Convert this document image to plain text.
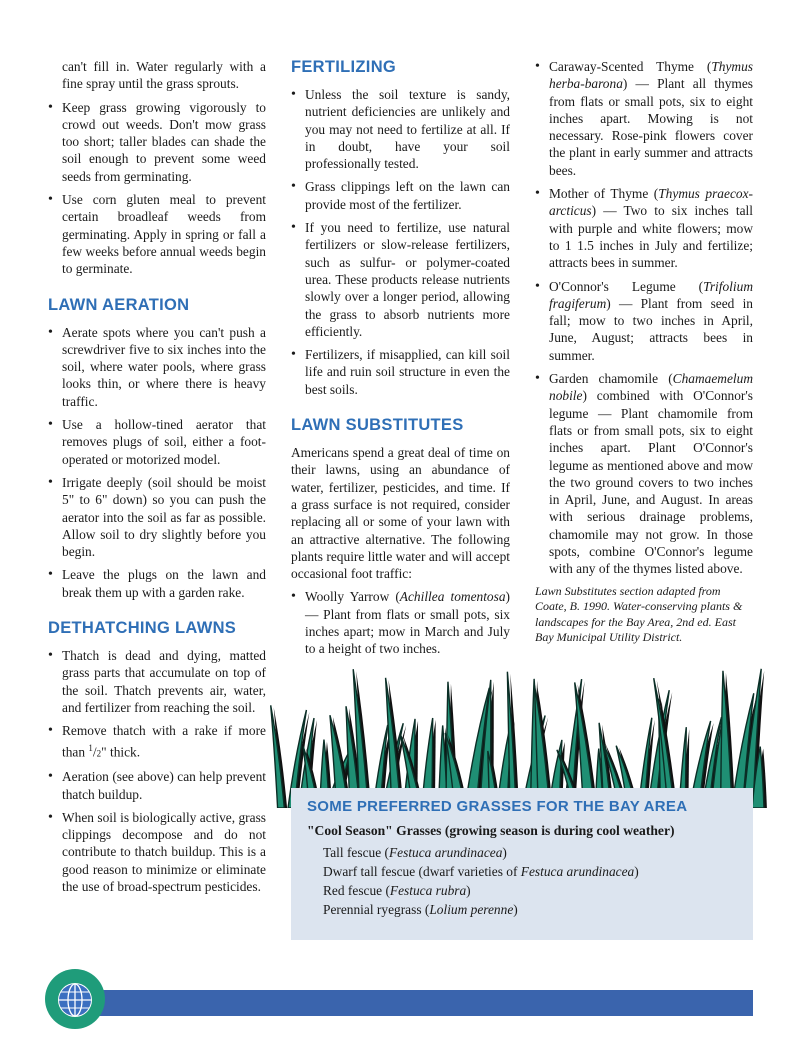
can't fill in. Water regularly with a fine spray until the grass sprouts.

• Keep grass growing vigorously to crowd out weeds. Don't mow grass too short; taller blades can shade the soil enough to prevent some weed seeds from germinating.
• Use corn gluten meal to prevent certain broadleaf weeds from germinating. Apply in spring or fall a few weeks before annual weeds begin to germinate.
LAWN AERATION
• Aerate spots where you can't push a screwdriver five to six inches into the soil, where water pools, where grass looks thin, or where there is heavy traffic.
• Use a hollow-tined aerator that removes plugs of soil, either a foot-operated or motorized model.
• Irrigate deeply (soil should be moist 5" to 6" down) so you can push the aerator into the soil as far as possible. Allow soil to dry slightly before you begin.
• Leave the plugs on the lawn and break them up with a garden rake.
DETHATCHING LAWNS
• Thatch is dead and dying, matted grass parts that accumulate on top of the soil. Thatch prevents air, water, and fertilizer from reaching the soil.
• Remove thatch with a rake if more than $^1$/2" thick.
• Aeration (see above) can help prevent thatch buildup.
• When soil is biologically active, grass clippings decompose and do not contribute to thatch buildup. This is a good reason to minimize or eliminate the use of broad-spectrum pesticides.
FERTILIZING
• Unless the soil texture is sandy, nutrient deficiencies are unlikely and you may not need to fertilize at all. If in doubt, have your soil professionally tested.
• Grass clippings left on the lawn can provide most of the fertilizer.
• If you need to fertilize, use natural fertilizers or slow-release fertilizers, such as sulfur- or polymer-coated urea. These products release nutrients slowly over a longer period, allowing the grass to absorb nutrients more efficiently.
• Fertilizers, if misapplied, can kill soil life and ruin soil structure in even the best soils.
LAWN SUBSTITUTES

Americans spend a great deal of time on their lawns, using an abundance of water, fertilizer, pesticides, and time. If a grass surface is not required, consider replacing all or some of your lawn with an attractive alternative. The following plants require little water and will accept occasional foot traffic:

• Woolly Yarrow (Achillea tomentosa) — Plant from flats or small pots, six inches apart; mow in March and July to a height of two inches.
• Caraway-Scented Thyme (Thymus herba-barona) — Plant all thymes from flats or small pots, six to eight inches apart. Mowing is not necessary. Rose-pink flowers cover the plant in early summer and attracts bees.
• Mother of Thyme (Thymus praecox-arcticus) — Two to six inches tall with purple and white flowers; mow to 1 1.5 inches in July and fertilize; attracts bees in summer.
• O'Connor's Legume (Trifolium fragiferum) — Plant from seed in fall; mow to two inches in April, June, August; attracts bees in summer.
• Garden chamomile (Chamaemelum nobile) combined with O'Connor's legume — Plant chamomile from flats or from small pots, six to eight inches apart. Plant O'Connor's legume as mentioned above and mow the two ground covers to two inches in April, June, and August. In areas with serious drainage problems, chamomile may not grow. In those spots, combine O'Connor's legume with any of the thymes listed above.

Lawn Substitutes section adapted from Coate, B. 1990. Water-conserving plants & landscapes for the Bay Area, 2nd ed. East Bay Municipal Utility District.

SOME PREFERRED GRASSES FOR THE BAY AREA
"Cool Season" Grasses (growing season is during cool weather)
Tall fescue (Festuca arundinacea)
Dwarf tall fescue (dwarf varieties of Festuca arundinacea)
Red fescue (Festuca rubra)
Perennial ryegrass (Lolium perenne)
